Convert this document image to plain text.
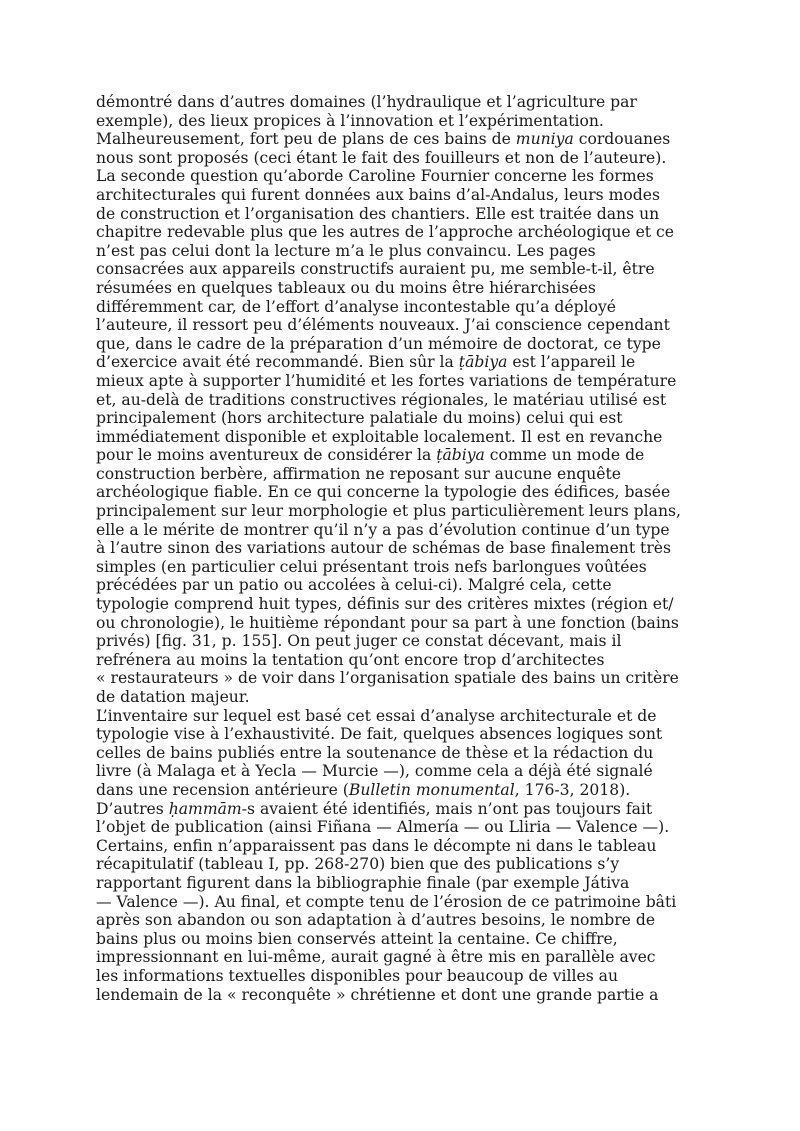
démontré dans d’autres domaines (l’hydraulique et l’agriculture par
exemple), des lieux propices à l’innovation et l’expérimentation.
Malheureusement, fort peu de plans de ces bains de muniya cordouanes
nous sont proposés (ceci étant le fait des fouilleurs et non de l’auteure).
La seconde question qu’aborde Caroline Fournier concerne les formes
architecturales qui furent données aux bains d’al-Andalus, leurs modes
de construction et l’organisation des chantiers. Elle est traitée dans un
chapitre redevable plus que les autres de l’approche archéologique et ce
n’est pas celui dont la lecture m’a le plus convaincu. Les pages
consacrées aux appareils constructifs auraient pu, me semble-t-il, être
résumées en quelques tableaux ou du moins être hiérarchisées
différemment car, de l’effort d’analyse incontestable qu’a déployé
l’auteure, il ressort peu d’éléments nouveaux. J’ai conscience cependant
que, dans le cadre de la préparation d’un mémoire de doctorat, ce type
d’exercice avait été recommandé. Bien sûr la ṭābiya est l’appareil le
mieux apte à supporter l’humidité et les fortes variations de température
et, au-delà de traditions constructives régionales, le matériau utilisé est
principalement (hors architecture palatiale du moins) celui qui est
immédiatement disponible et exploitable localement. Il est en revanche
pour le moins aventureux de considérer la ṭābiya comme un mode de
construction berbère, affirmation ne reposant sur aucune enquête
archéologique fiable. En ce qui concerne la typologie des édifices, basée
principalement sur leur morphologie et plus particulièrement leurs plans,
elle a le mérite de montrer qu’il n’y a pas d’évolution continue d’un type
à l’autre sinon des variations autour de schémas de base finalement très
simples (en particulier celui présentant trois nefs barlongues voûtées
précédées par un patio ou accolées à celui-ci). Malgré cela, cette
typologie comprend huit types, définis sur des critères mixtes (région et/
ou chronologie), le huitième répondant pour sa part à une fonction (bains
privés) [fig. 31, p. 155]. On peut juger ce constat décevant, mais il
refrénera au moins la tentation qu’ont encore trop d’architectes
« restaurateurs » de voir dans l’organisation spatiale des bains un critère
de datation majeur.
L’inventaire sur lequel est basé cet essai d’analyse architecturale et de
typologie vise à l’exhaustivité. De fait, quelques absences logiques sont
celles de bains publiés entre la soutenance de thèse et la rédaction du
livre (à Malaga et à Yecla — Murcie —), comme cela a déjà été signalé
dans une recension antérieure (Bulletin monumental, 176-3, 2018).
D’autres ḥammām-s avaient été identifiés, mais n’ont pas toujours fait
l’objet de publication (ainsi Fiñana — Almería — ou Lliria — Valence —).
Certains, enfin n’apparaissent pas dans le décompte ni dans le tableau
récapitulatif (tableau I, pp. 268-270) bien que des publications s’y
rapportant figurent dans la bibliographie finale (par exemple Játiva
— Valence —). Au final, et compte tenu de l’érosion de ce patrimoine bâti
après son abandon ou son adaptation à d’autres besoins, le nombre de
bains plus ou moins bien conservés atteint la centaine. Ce chiffre,
impressionnant en lui-même, aurait gagné à être mis en parallèle avec
les informations textuelles disponibles pour beaucoup de villes au
lendemain de la « reconquête » chrétienne et dont une grande partie a
